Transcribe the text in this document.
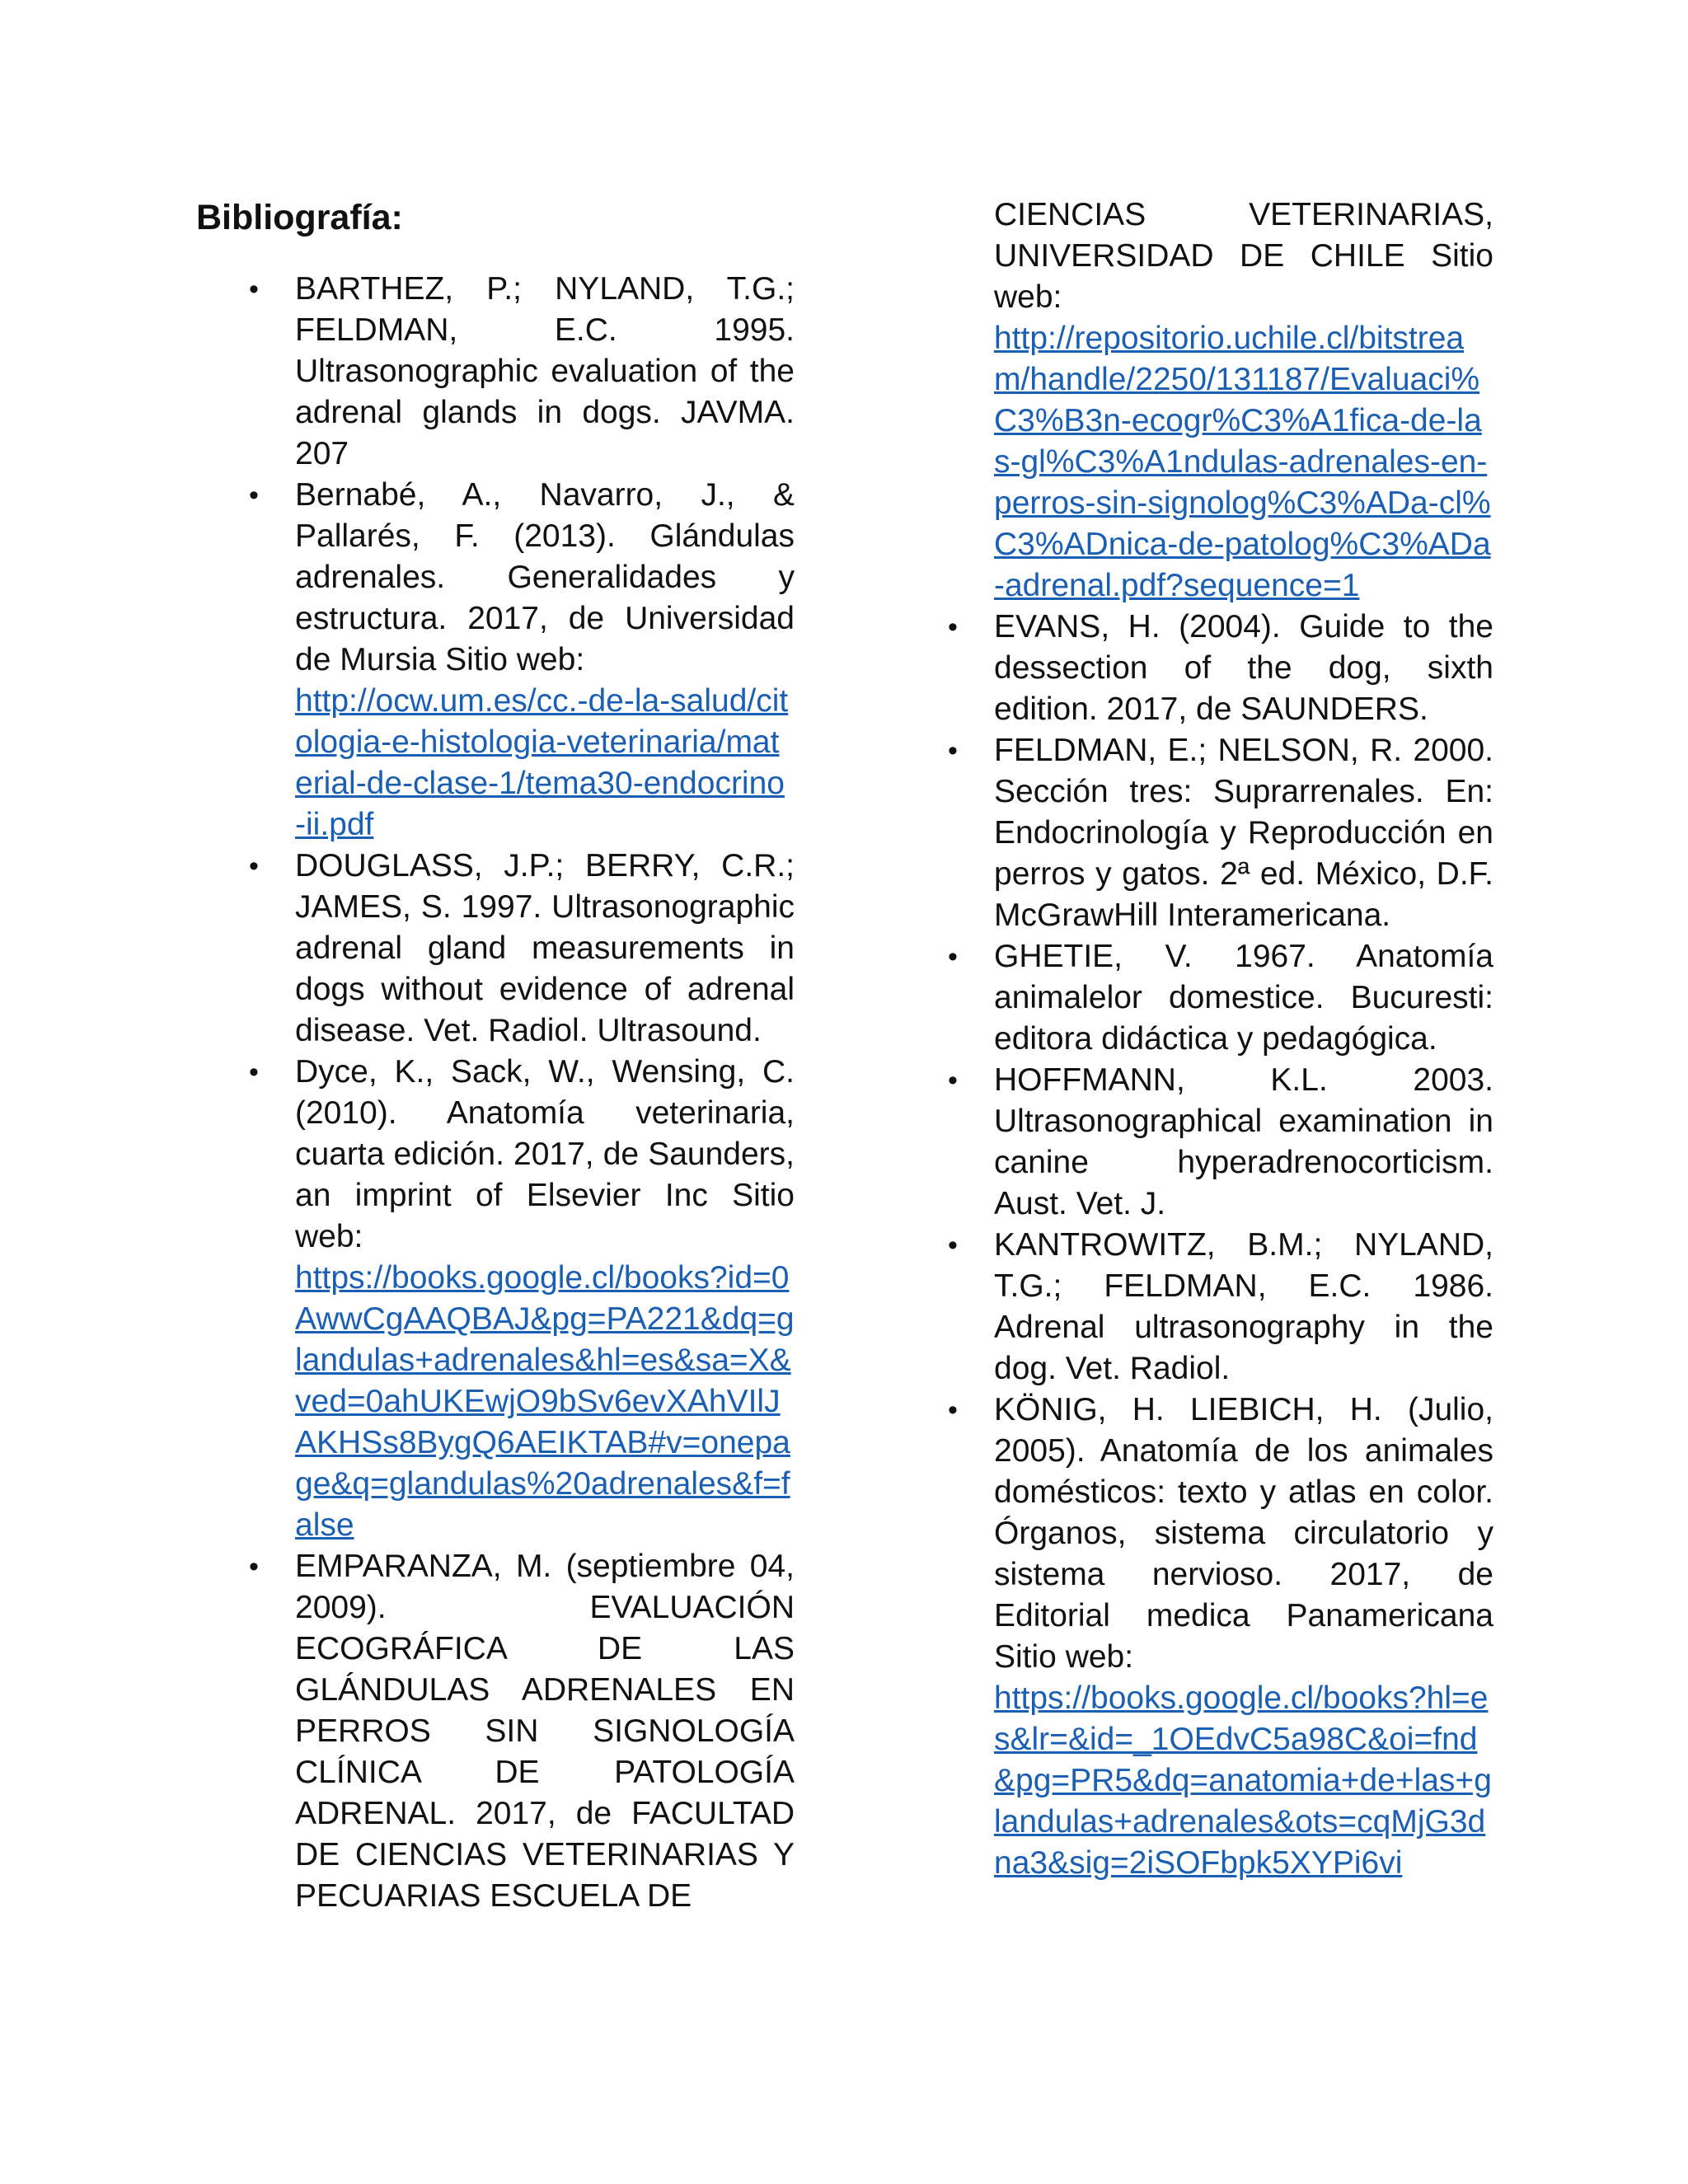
Bibliografía:
• BARTHEZ, P.; NYLAND, T.G.; FELDMAN, E.C. 1995. Ultrasonographic evaluation of the adrenal glands in dogs. JAVMA. 207
• Bernabé, A., Navarro, J., & Pallarés, F. (2013). Glándulas adrenales. Generalidades y estructura. 2017, de Universidad de Mursia Sitio web:
http://ocw.um.es/cc.-de-la-salud/citologia-e-histologia-veterinaria/material-de-clase-1/tema30-endocrino-ii.pdf
• DOUGLASS, J.P.; BERRY, C.R.; JAMES, S. 1997. Ultrasonographic adrenal gland measurements in dogs without evidence of adrenal disease. Vet. Radiol. Ultrasound.
• Dyce, K., Sack, W., Wensing, C. (2010). Anatomía veterinaria, cuarta edición. 2017, de Saunders, an imprint of Elsevier Inc Sitio web:
https://books.google.cl/books?id=0AwwCgAAQBAJ&pg=PA221&dq=glandulas+adrenales&hl=es&sa=X&ved=0ahUKEwjO9bSv6evXAhVIlJAKHSs8BygQ6AEIKTAB#v=onepage&q=glandulas%20adrenales&f=false
• EMPARANZA, M. (septiembre 04, 2009). EVALUACIÓN ECOGRÁFICA DE LAS GLÁNDULAS ADRENALES EN PERROS SIN SIGNOLOGÍA CLÍNICA DE PATOLOGÍA ADRENAL. 2017, de FACULTAD DE CIENCIAS VETERINARIAS Y PECUARIAS ESCUELA DE
CIENCIAS VETERINARIAS, UNIVERSIDAD DE CHILE Sitio web:
http://repositorio.uchile.cl/bitstream/handle/2250/131187/Evaluaci%C3%B3n-ecogr%C3%A1fica-de-las-gl%C3%A1ndulas-adrenales-en-perros-sin-signolog%C3%ADa-cl%C3%ADnica-de-patolog%C3%ADa-adrenal.pdf?sequence=1
• EVANS, H. (2004). Guide to the dessection of the dog, sixth edition. 2017, de SAUNDERS.
• FELDMAN, E.; NELSON, R. 2000. Sección tres: Suprarrenales. En: Endocrinología y Reproducción en perros y gatos. 2ª ed. México, D.F. McGrawHill Interamericana.
• GHETIE, V. 1967. Anatomía animalelor domestice. Bucuresti: editora didáctica y pedagógica.
• HOFFMANN, K.L. 2003. Ultrasonographical examination in canine hyperadrenocorticism. Aust. Vet. J.
• KANTROWITZ, B.M.; NYLAND, T.G.; FELDMAN, E.C. 1986. Adrenal ultrasonography in the dog. Vet. Radiol.
• KÖNIG, H. LIEBICH, H. (Julio, 2005). Anatomía de los animales domésticos: texto y atlas en color. Órganos, sistema circulatorio y sistema nervioso. 2017, de Editorial medica Panamericana Sitio web:
https://books.google.cl/books?hl=es&lr=&id=_1OEdvC5a98C&oi=fnd&pg=PR5&dq=anatomia+de+las+glandulas+adrenales&ots=cqMjG3dna3&sig=2iSOFbpk5XYPi6vi
